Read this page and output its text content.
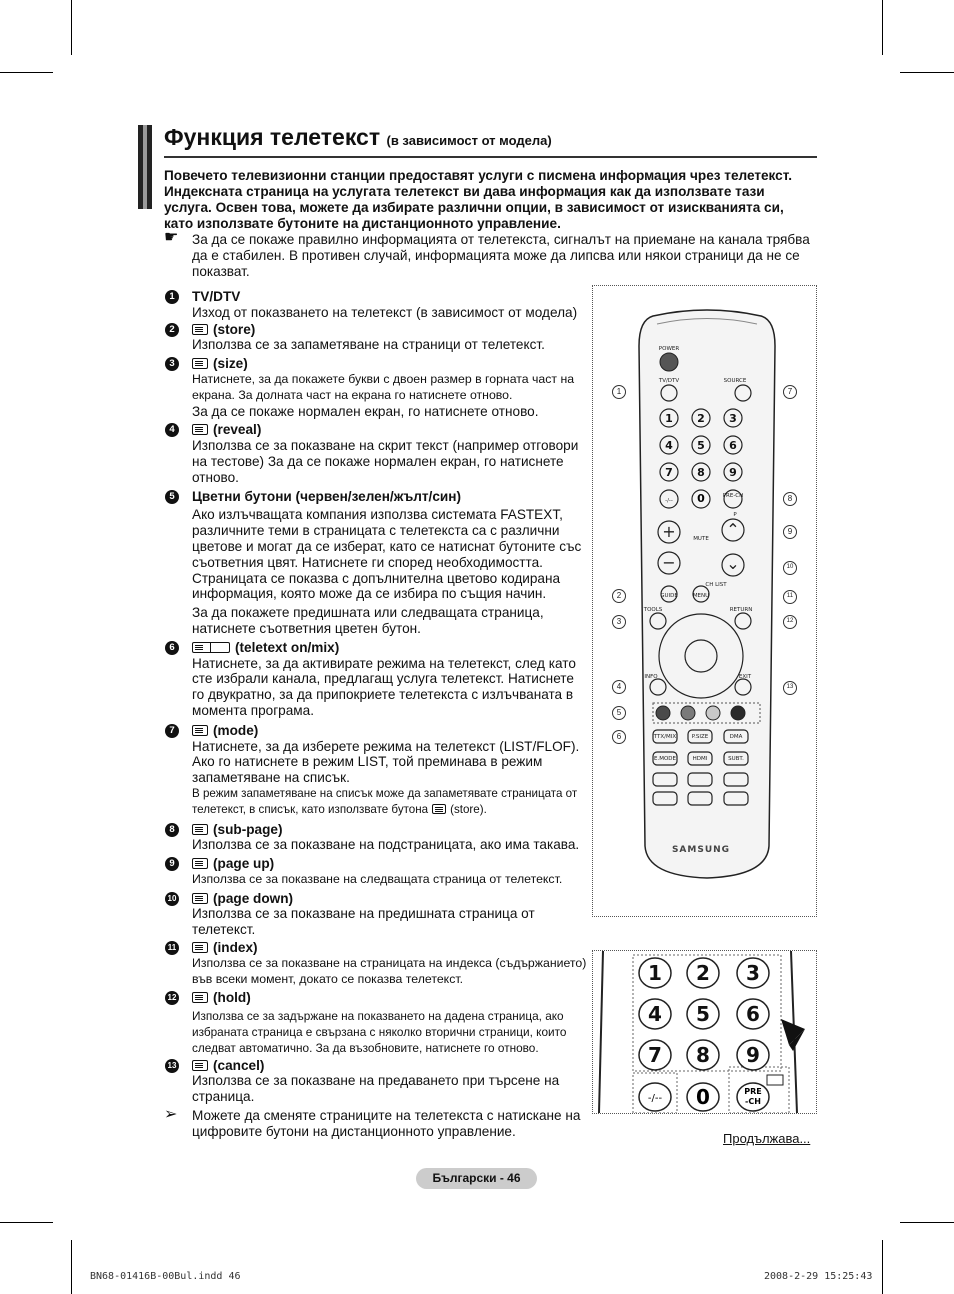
Функция телетекст (в зависимост от модела)
Повечето телевизионни станции предоставят услуги с писмена информация чрез телетекст. Индексната страница на услугата телетекст ви дава информация как да използвате тази услуга. Освен това, можете да избирате различни опции, в зависимост от изискванията си, като използвате бутоните на дистанционното управление.
☛ За да се покаже правилно информацията от телетекста, сигналът на приемане на канала трябва да е стабилен. В противен случай, информацията може да липсва или някои страници да не се показват.
1	TV/DTV
Изход от показването на телетекст (в зависимост от модела)
2	(store)
Използва се за запаметяване на страници от телетекст.
3	(size)
Натиснете, за да покажете букви с двоен размер в горната част на екрана. За долната част на екрана го натиснете отново.
За да се покаже нормален екран, го натиснете отново.
4	(reveal)
Използва се за показване на скрит текст (например отговори на тестове) За да се покаже нормален екран, го натиснете отново.
5	Цветни бутони (червен/зелен/жълт/син)
Ако излъчващата компания използва системата FASTEXT, различните теми в страницата с телетекста са с различни цветове и могат да се изберат, като се натиснат бутоните със съответния цвят. Натиснете ги според необходимостта. Страницата се показва с допълнителна цветово кодирана информация, която може да се избира по същия начин.
За да покажете предишната или следващата страница, натиснете съответния цветен бутон.
6	(teletext on/mix)
Натиснете, за да активирате режима на телетекст, след като сте избрали канала, предлагащ услуга телетекст. Натиснете го двукратно, за да припокриете телетекста с излъчваната в момента програма.
7	(mode)
Натиснете, за да изберете режима на телетекст (LIST/FLOF). Ако го натиснете в режим LIST, той преминава в режим запаметяване на списък.
В режим запаметяване на списък може да запаметявате страницата от телетекст, в списък, като използвате бутона (store).
8	(sub-page)
Използва се за показване на подстраницата, ако има такава.
9	(page up)
Използва се за показване на следващата страница от телетекст.
10	(page down)
Използва се за показване на предишната страница от телетекст.
11	(index)
Използва се за показване на страницата на индекса (съдържанието) във всеки момент, докато се показва телетекст.
12	(hold)
Използва се за задържане на показването на дадена страница, ако избраната страница е свързана с няколко вторични страници, които следват автоматично. За да възобновите, натиснете го отново.
13	(cancel)
Използва се за показване на предаването при търсене на страница.
➢ Можете да сменяте страниците на телетекста с натискане на цифровите бутони на дистанционното управление.
POWER
TV/DTV	SOURCE
MUTE
P
GUIDE	MENU
CH LIST
TOOLS	RETURN
INFO	EXIT
TTX/MIX	P.SIZE	DMA
E.MODE	HDMI	SUBT.
-/--
PRE-CH
1 2 3
4 5 6
7 8 9
0
SAMSUNG
+
−
⌃
⌄
1
2
3
4
5
6
7
8
9
10
11
12
13
1 2 3
4 5 6
7 8 9
-/-- 0	PRE
-CH
Продължава...
Български - 46
BN68-01416B-00Bul.indd 46	2008-2-29 15:25:43
